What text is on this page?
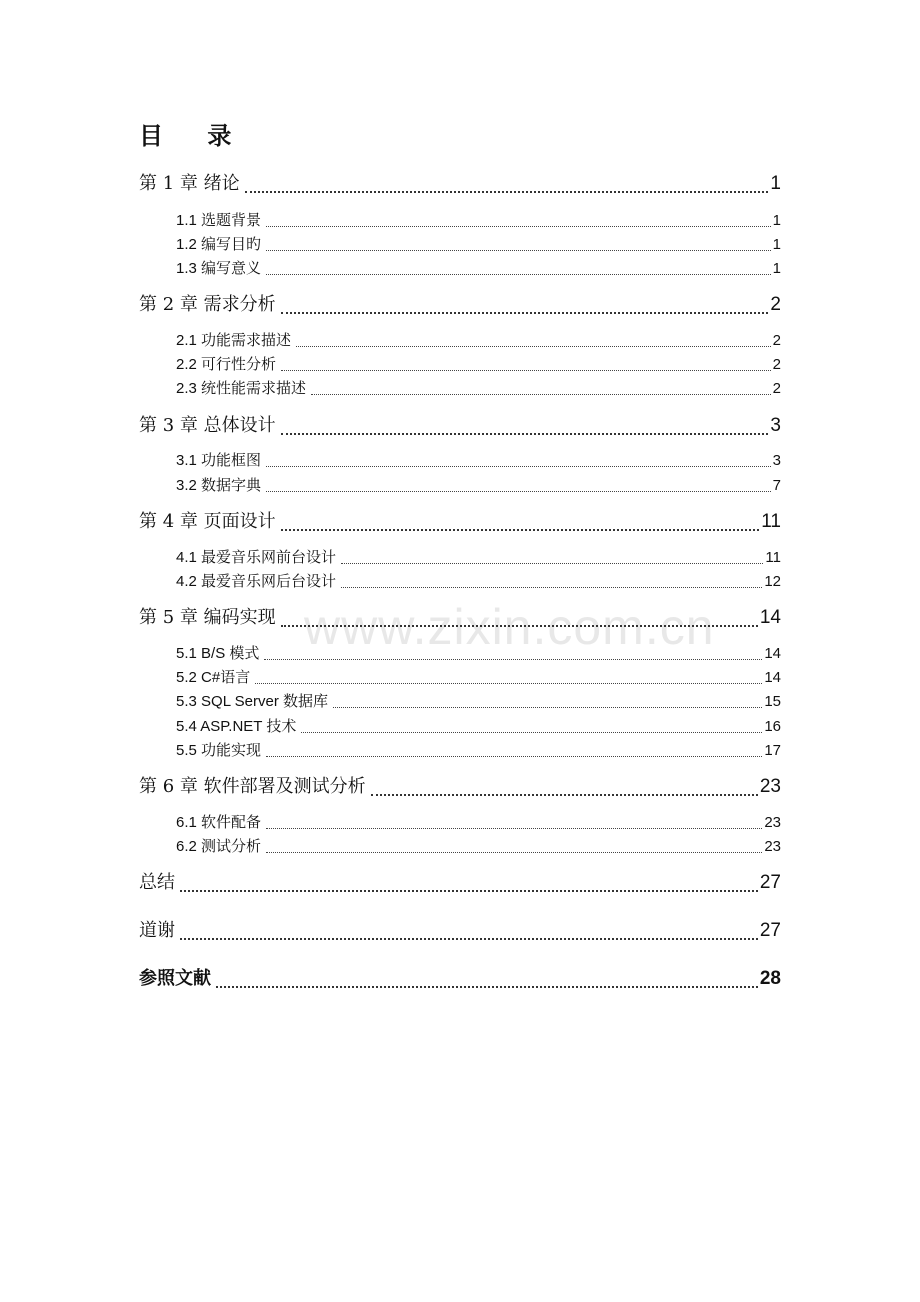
目 录
www.zixin.com.cn
第 1 章 绪论	1
1.1 选题背景	1
1.2 编写目旳	1
1.3 编写意义	1
第 2 章 需求分析	2
2.1 功能需求描述	2
2.2 可行性分析	2
2.3 统性能需求描述	2
第 3 章 总体设计	3
3.1 功能框图	3
3.2 数据字典	7
第 4 章 页面设计	11
4.1 最爱音乐网前台设计	11
4.2 最爱音乐网后台设计	12
第 5 章 编码实现	14
5.1 B/S 模式	14
5.2 C#语言	14
5.3 SQL Server 数据库	15
5.4 ASP.NET 技术	16
5.5 功能实现	17
第 6 章 软件部署及测试分析	23
6.1 软件配备	23
6.2 测试分析	23
总结	27
道谢	27
参照文献	28
